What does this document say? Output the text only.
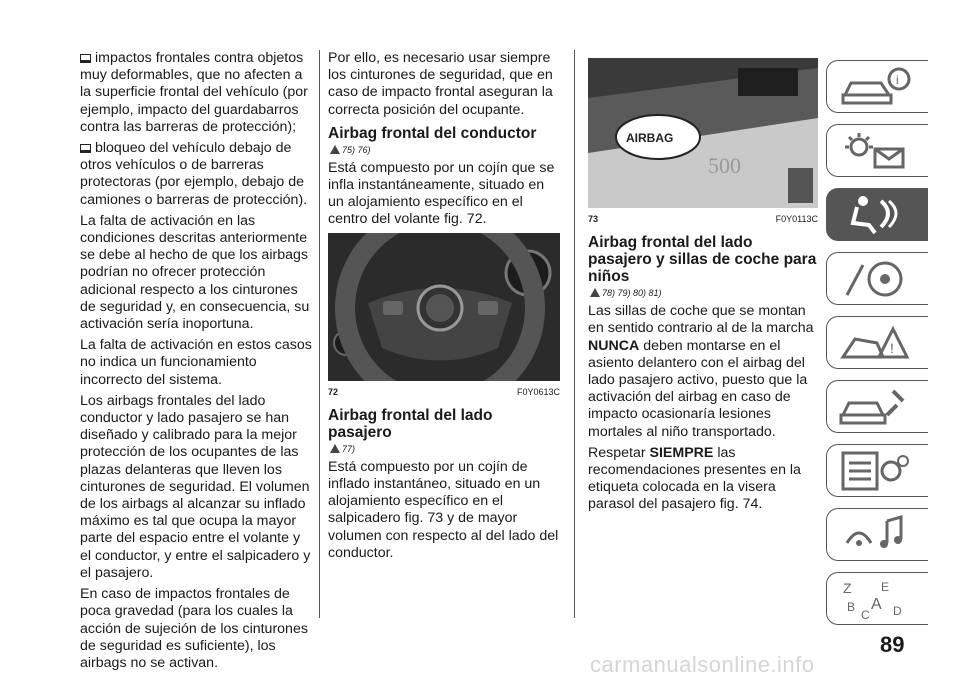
impactos frontales contra objetos muy deformables, que no afecten a la superficie frontal del vehículo (por ejemplo, impacto del guardabarros contra las barreras de protección);

bloqueo del vehículo debajo de otros vehículos o de barreras protectoras (por ejemplo, debajo de camiones o barreras de protección).

La falta de activación en las condiciones descritas anteriormente se debe al hecho de que los airbags podrían no ofrecer protección adicional respecto a los cinturones de seguridad y, en consecuencia, su activación sería inoportuna.

La falta de activación en estos casos no indica un funcionamiento incorrecto del sistema.

Los airbags frontales del lado conductor y lado pasajero se han diseñado y calibrado para la mejor protección de los ocupantes de las plazas delanteras que lleven los cinturones de seguridad. El volumen de los airbags al alcanzar su inflado máximo es tal que ocupa la mayor parte del espacio entre el volante y el conductor, y entre el salpicadero y el pasajero.

En caso de impactos frontales de poca gravedad (para los cuales la acción de sujeción de los cinturones de seguridad es suficiente), los airbags no se activan.

Por ello, es necesario usar siempre los cinturones de seguridad, que en caso de impacto frontal aseguran la correcta posición del ocupante.

Airbag frontal del conductor
75) 76)

Está compuesto por un cojín que se infla instantáneamente, situado en un alojamiento específico en el centro del volante fig. 72.

72	F0Y0613C
Airbag frontal del lado pasajero
77)

Está compuesto por un cojín de inflado instantáneo, situado en un alojamiento específico en el salpicadero fig. 73 y de mayor volumen con respecto al del lado del conductor.

500
AIRBAG
73	F0Y0113C
Airbag frontal del lado pasajero y sillas de coche para niños
78) 79) 80) 81)

Las sillas de coche que se montan en sentido contrario al de la marcha NUNCA deben montarse en el asiento delantero con el airbag del lado pasajero activo, puesto que la activación del airbag en caso de impacto ocasionaría lesiones mortales al niño transportado.

Respetar SIEMPRE las recomendaciones presentes en la etiqueta colocada en la visera parasol del pasajero fig. 74.

i
!
Z E
B A
C D
89
carmanualsonline.info
